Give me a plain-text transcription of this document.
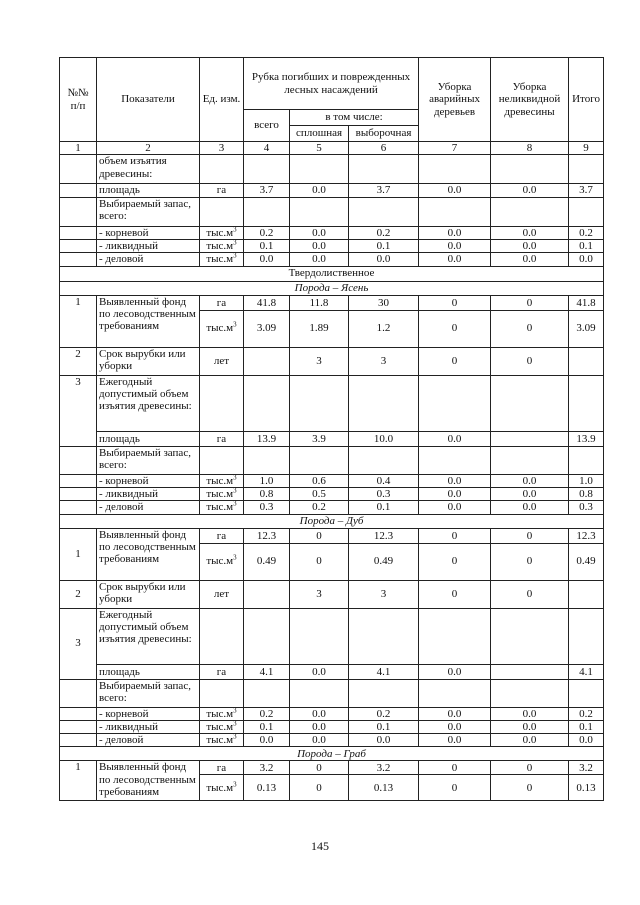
№№ п/п	Показатели	Ед. изм.	Рубка погибших и поврежденных лесных насаждений			Уборка аварийных деревьев	Уборка неликвидной древесины	Итого
			всего	в том числе:				
				сплошная	выборочная			
1	2	3	4	5	6	7	8	9
	объем изъятия древесины:							
	площадь	га	3.7	0.0	3.7	0.0	0.0	3.7
	Выбираемый запас, всего:							
	- корневой	$тыс.м^3$	0.2	0.0	0.2	0.0	0.0	0.2
	- ликвидный	$тыс.м^3$	0.1	0.0	0.1	0.0	0.0	0.1
	- деловой	$тыс.м^3$	0.0	0.0	0.0	0.0	0.0	0.0
Твердолиственное								
Порода – Ясень								
1	Выявленный фонд по лесоводственным требованиям	га	41.8	11.8	30	0	0	41.8
		$тыс.м^3$	3.09	1.89	1.2	0	0	3.09
2	Срок вырубки или уборки	лет		3	3	0	0	
3	Ежегодный допустимый объем изъятия древесины:							
	площадь	га	13.9	3.9	10.0	0.0		13.9
	Выбираемый запас, всего:							
	- корневой	$тыс.м^3$	1.0	0.6	0.4	0.0	0.0	1.0
	- ликвидный	$тыс.м^3$	0.8	0.5	0.3	0.0	0.0	0.8
	- деловой	$тыс.м^3$	0.3	0.2	0.1	0.0	0.0	0.3
Порода – Дуб								
1	Выявленный фонд по лесоводственным требованиям	га	12.3	0	12.3	0	0	12.3
		$тыс.м^3$	0.49	0	0.49	0	0	0.49
2	Срок вырубки или уборки	лет		3	3	0	0	
3	Ежегодный допустимый объем изъятия древесины:							
	площадь	га	4.1	0.0	4.1	0.0		4.1
	Выбираемый запас, всего:							
	- корневой	$тыс.м^3$	0.2	0.0	0.2	0.0	0.0	0.2
	- ликвидный	$тыс.м^3$	0.1	0.0	0.1	0.0	0.0	0.1
	- деловой	$тыс.м^3$	0.0	0.0	0.0	0.0	0.0	0.0
Порода – Граб								
1	Выявленный фонд по лесоводственным требованиям	га	3.2	0	3.2	0	0	3.2
		$тыс.м^3$	0.13	0	0.13	0	0	0.13
145
